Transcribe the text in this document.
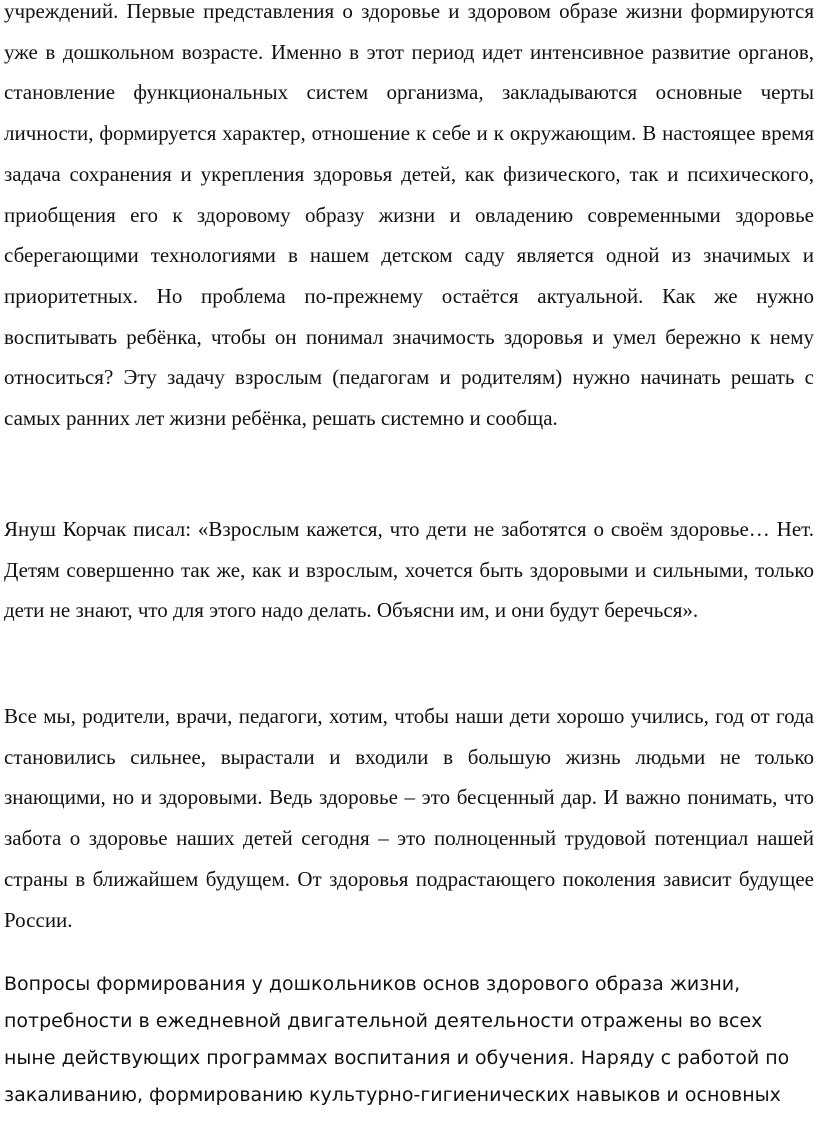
учреждений. Первые представления о здоровье и здоровом образе жизни формируются уже в дошкольном возрасте. Именно в этот период идет интенсивное развитие органов, становление функциональных систем организма, закладываются основные черты личности, формируется характер, отношение к себе и к окружающим. В настоящее время задача сохранения и укрепления здоровья детей, как физического, так и психического, приобщения его к здоровому образу жизни и овладению современными здоровье сберегающими технологиями в нашем детском саду является одной из значимых и приоритетных. Но проблема по-прежнему остаётся актуальной. Как же нужно воспитывать ребёнка, чтобы он понимал значимость здоровья и умел бережно к нему относиться? Эту задачу взрослым (педагогам и родителям) нужно начинать решать с самых ранних лет жизни ребёнка, решать системно и сообща.

Януш Корчак писал: «Взрослым кажется, что дети не заботятся о своём здоровье… Нет. Детям совершенно так же, как и взрослым, хочется быть здоровыми и сильными, только дети не знают, что для этого надо делать. Объясни им, и они будут беречься».

Все мы, родители, врачи, педагоги, хотим, чтобы наши дети хорошо учились, год от года становились сильнее, вырастали и входили в большую жизнь людьми не только знающими, но и здоровыми. Ведь здоровье – это бесценный дар. И важно понимать, что забота о здоровье наших детей сегодня – это полноценный трудовой потенциал нашей страны в ближайшем будущем. От здоровья подрастающего поколения зависит будущее России.

Вопросы формирования у дошкольников основ здорового образа жизни, потребности в ежедневной двигательной деятельности отражены во всех ныне действующих программах воспитания и обучения. Наряду с работой по закаливанию, формированию культурно-гигиенических навыков и основных
